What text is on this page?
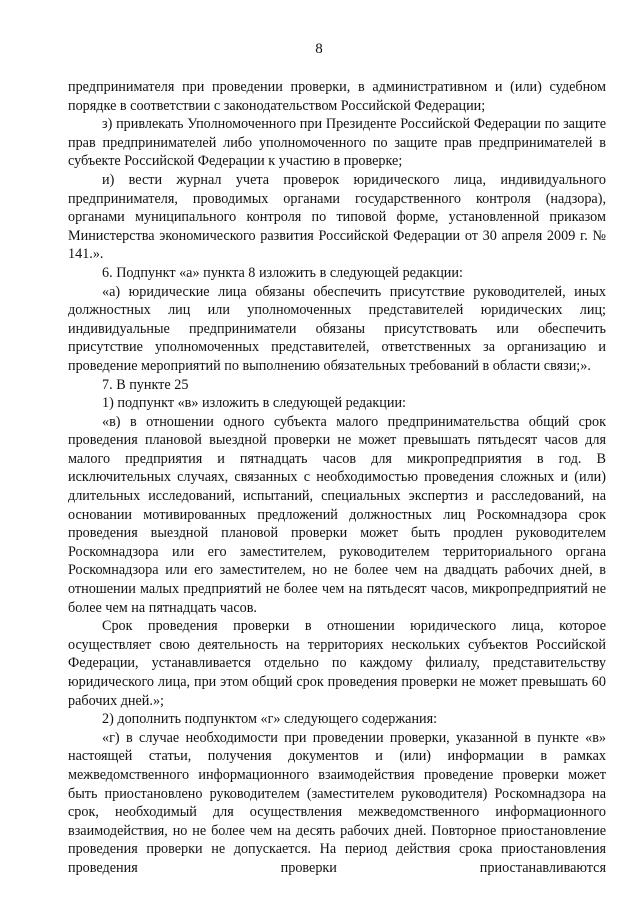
8

предпринимателя при проведении проверки, в административном и (или) судебном порядке в соответствии с законодательством Российской Федерации;

з) привлекать Уполномоченного при Президенте Российской Федерации по защите прав предпринимателей либо уполномоченного по защите прав предпринимателей в субъекте Российской Федерации к участию в проверке;

и) вести журнал учета проверок юридического лица, индивидуального предпринимателя, проводимых органами государственного контроля (надзора), органами муниципального контроля по типовой форме, установленной приказом Министерства экономического развития Российской Федерации от 30 апреля 2009 г. № 141.».

6. Подпункт «а» пункта 8 изложить в следующей редакции:

«а) юридические лица обязаны обеспечить присутствие руководителей, иных должностных лиц или уполномоченных представителей юридических лиц; индивидуальные предприниматели обязаны присутствовать или обеспечить присутствие уполномоченных представителей, ответственных за организацию и проведение мероприятий по выполнению обязательных требований в области связи;».

7. В пункте 25

1) подпункт «в» изложить в следующей редакции:

«в) в отношении одного субъекта малого предпринимательства общий срок проведения плановой выездной проверки не может превышать пятьдесят часов для малого предприятия и пятнадцать часов для микропредприятия в год. В исключительных случаях, связанных с необходимостью проведения сложных и (или) длительных исследований, испытаний, специальных экспертиз и расследований, на основании мотивированных предложений должностных лиц Роскомнадзора срок проведения выездной плановой проверки может быть продлен руководителем Роскомнадзора или его заместителем, руководителем территориального органа Роскомнадзора или его заместителем, но не более чем на двадцать рабочих дней, в отношении малых предприятий не более чем на пятьдесят часов, микропредприятий не более чем на пятнадцать часов.

Срок проведения проверки в отношении юридического лица, которое осуществляет свою деятельность на территориях нескольких субъектов Российской Федерации, устанавливается отдельно по каждому филиалу, представительству юридического лица, при этом общий срок проведения проверки не может превышать 60 рабочих дней.»;

2) дополнить подпунктом «г» следующего содержания:

«г) в случае необходимости при проведении проверки, указанной в пункте «в» настоящей статьи, получения документов и (или) информации в рамках межведомственного информационного взаимодействия проведение проверки может быть приостановлено руководителем (заместителем руководителя) Роскомнадзора на срок, необходимый для осуществления межведомственного информационного взаимодействия, но не более чем на десять рабочих дней. Повторное приостановление проведения проверки не допускается. На период действия срока приостановления проведения проверки приостанавливаются
